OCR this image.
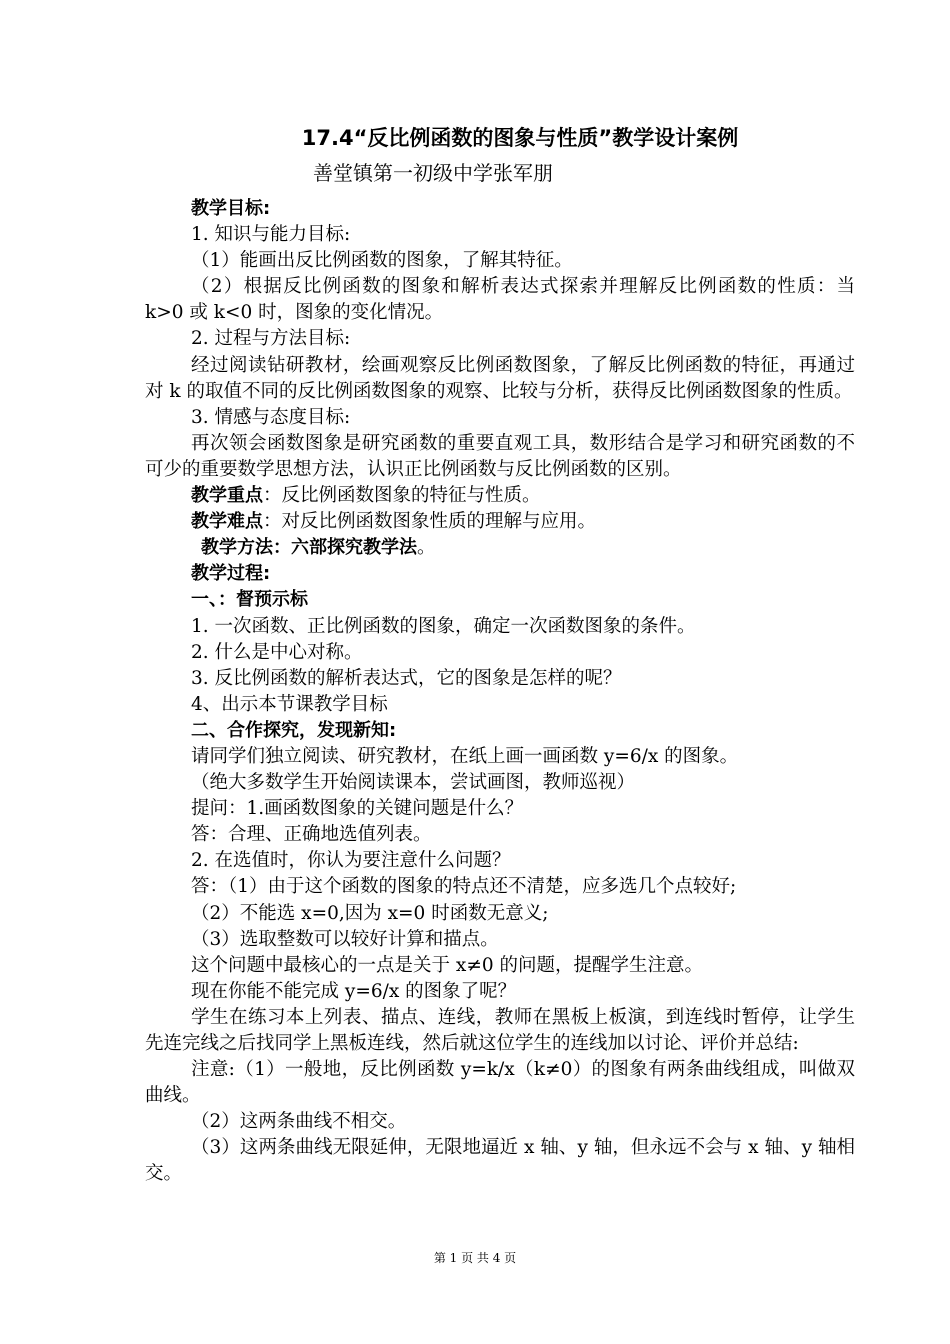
17.4“反比例函数的图象与性质”教学设计案例
善堂镇第一初级中学张军朋

教学目标:

1. 知识与能力目标:

（1）能画出反比例函数的图象，了解其特征。

（2）根据反比例函数的图象和解析表达式探索并理解反比例函数的性质：当 k>0 或 k<0 时，图象的变化情况。

2. 过程与方法目标:

经过阅读钻研教材，绘画观察反比例函数图象，了解反比例函数的特征，再通过对 k 的取值不同的反比例函数图象的观察、比较与分析，获得反比例函数图象的性质。

3. 情感与态度目标:

再次领会函数图象是研究函数的重要直观工具，数形结合是学习和研究函数的不可少的重要数学思想方法，认识正比例函数与反比例函数的区别。

教学重点：反比例函数图象的特征与性质。

教学难点：对反比例函数图象性质的理解与应用。

教学方法：六部探究教学法。

教学过程:

一、：督预示标

1. 一次函数、正比例函数的图象，确定一次函数图象的条件。

2. 什么是中心对称。

3. 反比例函数的解析表达式，它的图象是怎样的呢？

4、出示本节课教学目标

二、合作探究，发现新知:

请同学们独立阅读、研究教材，在纸上画一画函数 y=6/x 的图象。

（绝大多数学生开始阅读课本，尝试画图，教师巡视）

提问：1.画函数图象的关键问题是什么？

答：合理、正确地选值列表。

2. 在选值时，你认为要注意什么问题？

答：（1）由于这个函数的图象的特点还不清楚，应多选几个点较好;

（2）不能选 x=0,因为 x=0 时函数无意义;

（3）选取整数可以较好计算和描点。

这个问题中最核心的一点是关于 x≠0 的问题，提醒学生注意。

现在你能不能完成 y=6/x 的图象了呢？

学生在练习本上列表、描点、连线，教师在黑板上板演，到连线时暂停，让学生先连完线之后找同学上黑板连线，然后就这位学生的连线加以讨论、评价并总结:

注意:（1）一般地，反比例函数 y=k/x（k≠0）的图象有两条曲线组成，叫做双曲线。

（2）这两条曲线不相交。

（3）这两条曲线无限延伸，无限地逼近 x 轴、y 轴，但永远不会与 x 轴、y 轴相交。

第 1 页 共 4 页
